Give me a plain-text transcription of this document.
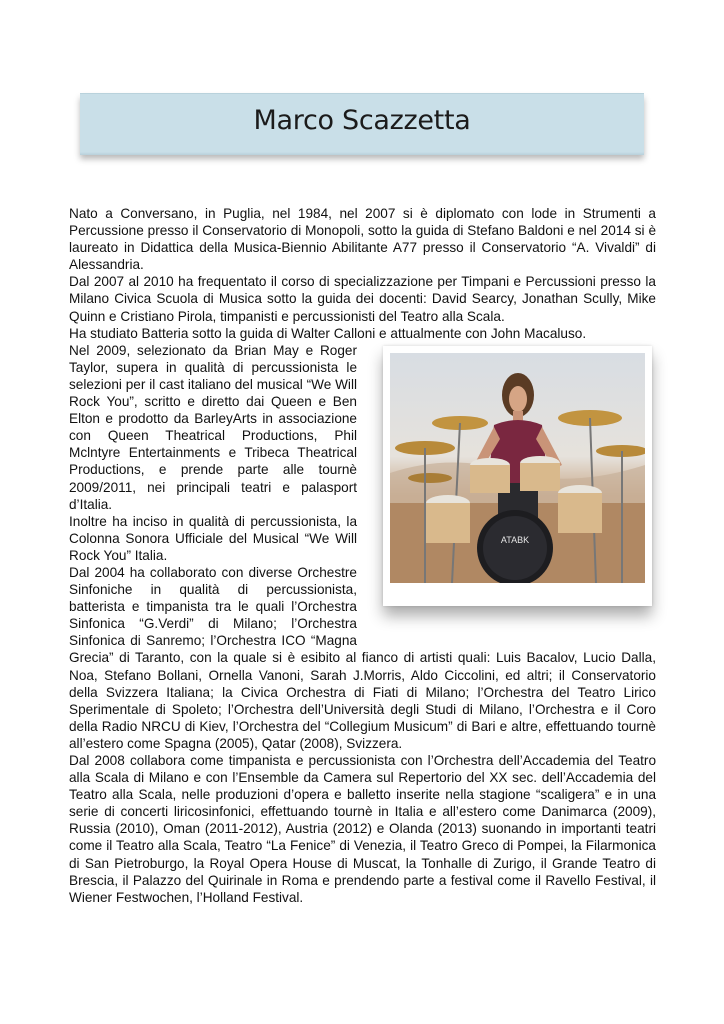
Marco Scazzetta

Nato a Conversano, in Puglia, nel 1984, nel 2007 si è diplomato con lode in Strumenti a Percussione presso il Conservatorio di Monopoli, sotto la guida di Stefano Baldoni e nel 2014 si è laureato in Didattica della Musica-Biennio Abilitante A77 presso il Conservatorio “A. Vivaldi” di Alessandria.

Dal 2007 al 2010 ha frequentato il corso di specializzazione per Timpani e Percussioni presso la Milano Civica Scuola di Musica sotto la guida dei docenti: David Searcy, Jonathan Scully, Mike Quinn e Cristiano Pirola, timpanisti e percussionisti del Teatro alla Scala.

Ha studiato Batteria sotto la guida di Walter Calloni e attualmente con John Macaluso.

ATABK

Nel 2009, selezionato da Brian May e Roger Taylor, supera in qualità di percussionista le selezioni per il cast italiano del musical “We Will Rock You”, scritto e diretto dai Queen e Ben Elton e prodotto da BarleyArts in associazione con Queen Theatrical Productions, Phil Mclntyre Entertainments e Tribeca Theatrical Productions, e prende parte alle tournè 2009/2011, nei principali teatri e palasport d’Italia.

Inoltre ha inciso in qualità di percussionista, la Colonna Sonora Ufficiale del Musical “We Will Rock You” Italia.

Dal 2004 ha collaborato con diverse Orchestre Sinfoniche in qualità di percussionista, batterista e timpanista tra le quali l’Orchestra Sinfonica “G.Verdi” di Milano; l’Orchestra Sinfonica di Sanremo; l’Orchestra ICO “Magna Grecia” di Taranto, con la quale si è esibito al fianco di artisti quali: Luis Bacalov, Lucio Dalla, Noa, Stefano Bollani, Ornella Vanoni, Sarah J.Morris, Aldo Ciccolini, ed altri; il Conservatorio della Svizzera Italiana; la Civica Orchestra di Fiati di Milano; l’Orchestra del Teatro Lirico Sperimentale di Spoleto; l’Orchestra dell’Università degli Studi di Milano, l’Orchestra e il Coro della Radio NRCU di Kiev, l’Orchestra del “Collegium Musicum” di Bari e altre, effettuando tournè all’estero come Spagna (2005), Qatar (2008), Svizzera.

Dal 2008 collabora come timpanista e percussionista con l’Orchestra dell’Accademia del Teatro alla Scala di Milano e con l’Ensemble da Camera sul Repertorio del XX sec. dell’Accademia del Teatro alla Scala, nelle produzioni d’opera e balletto inserite nella stagione “scaligera” e in una serie di concerti liricosinfonici, effettuando tournè in Italia e all’estero come Danimarca (2009), Russia (2010), Oman (2011-2012), Austria (2012) e Olanda (2013) suonando in importanti teatri come il Teatro alla Scala, Teatro “La Fenice” di Venezia, il Teatro Greco di Pompei, la Filarmonica di San Pietroburgo, la Royal Opera House di Muscat, la Tonhalle di Zurigo, il Grande Teatro di Brescia, il Palazzo del Quirinale in Roma e prendendo parte a festival come il Ravello Festival, il Wiener Festwochen, l’Holland Festival.
